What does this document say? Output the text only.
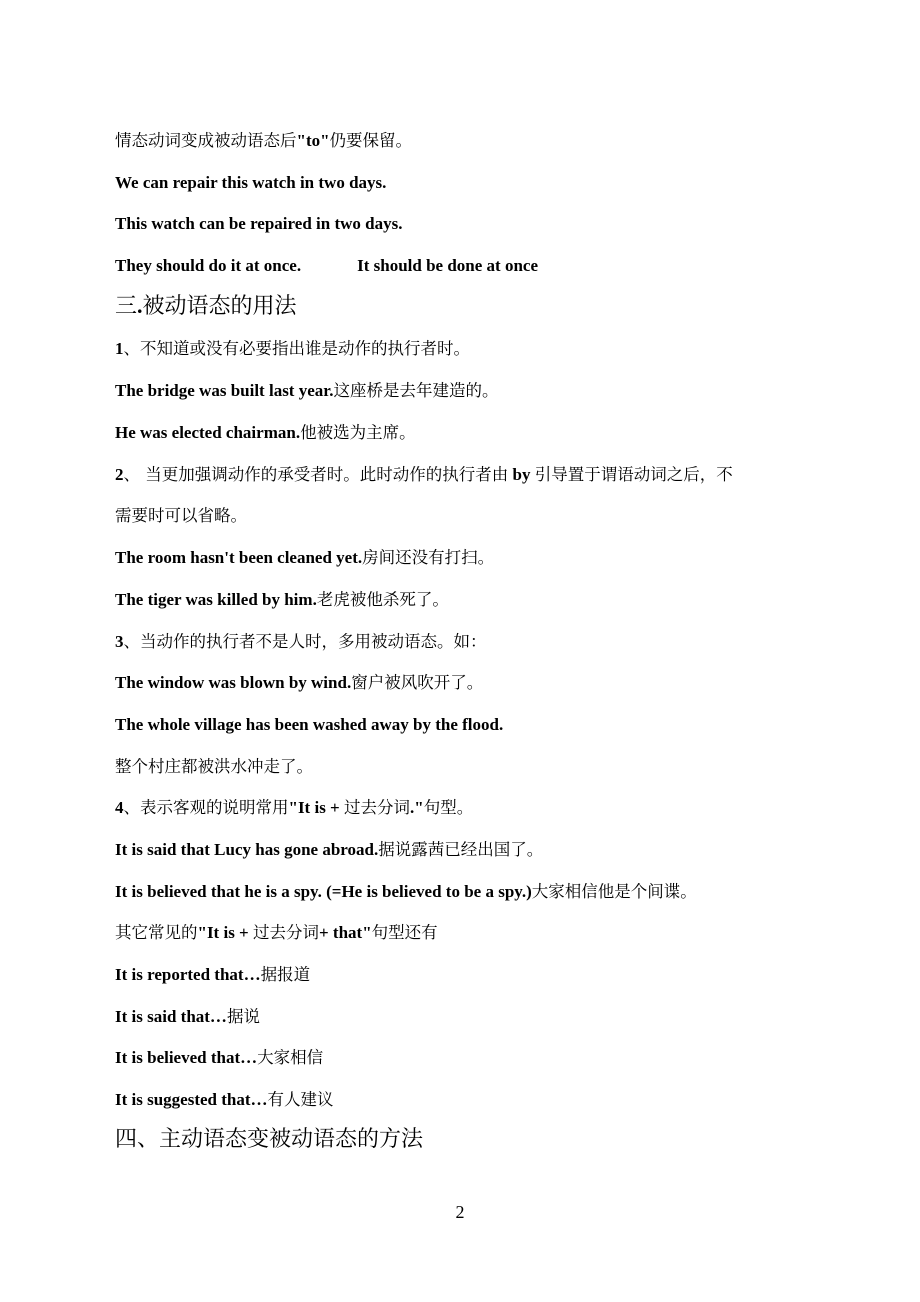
情态动词变成被动语态后"to"仍要保留。
We can repair this watch in two days.
This watch can be repaired in two days.
They should do it at once.	It should be done at once
三.被动语态的用法
1、不知道或没有必要指出谁是动作的执行者时。
The bridge was built last year.这座桥是去年建造的。
He was elected chairman.他被选为主席。
2、 当更加强调动作的承受者时。此时动作的执行者由 by 引导置于谓语动词之后，不
需要时可以省略。
The room hasn't been cleaned yet.房间还没有打扫。
The tiger was killed by him.老虎被他杀死了。
3、当动作的执行者不是人时，多用被动语态。如：
The window was blown by wind.窗户被风吹开了。
The whole village has been washed away by the flood.
整个村庄都被洪水冲走了。
4、表示客观的说明常用"It is + 过去分词."句型。
It is said that Lucy has gone abroad.据说露茜已经出国了。
It is believed that he is a spy. (=He is believed to be a spy.)大家相信他是个间谍。
其它常见的"It is + 过去分词+ that"句型还有
It is reported that…据报道
It is said that…据说
It is believed that…大家相信
It is suggested that…有人建议
四、主动语态变被动语态的方法
2
